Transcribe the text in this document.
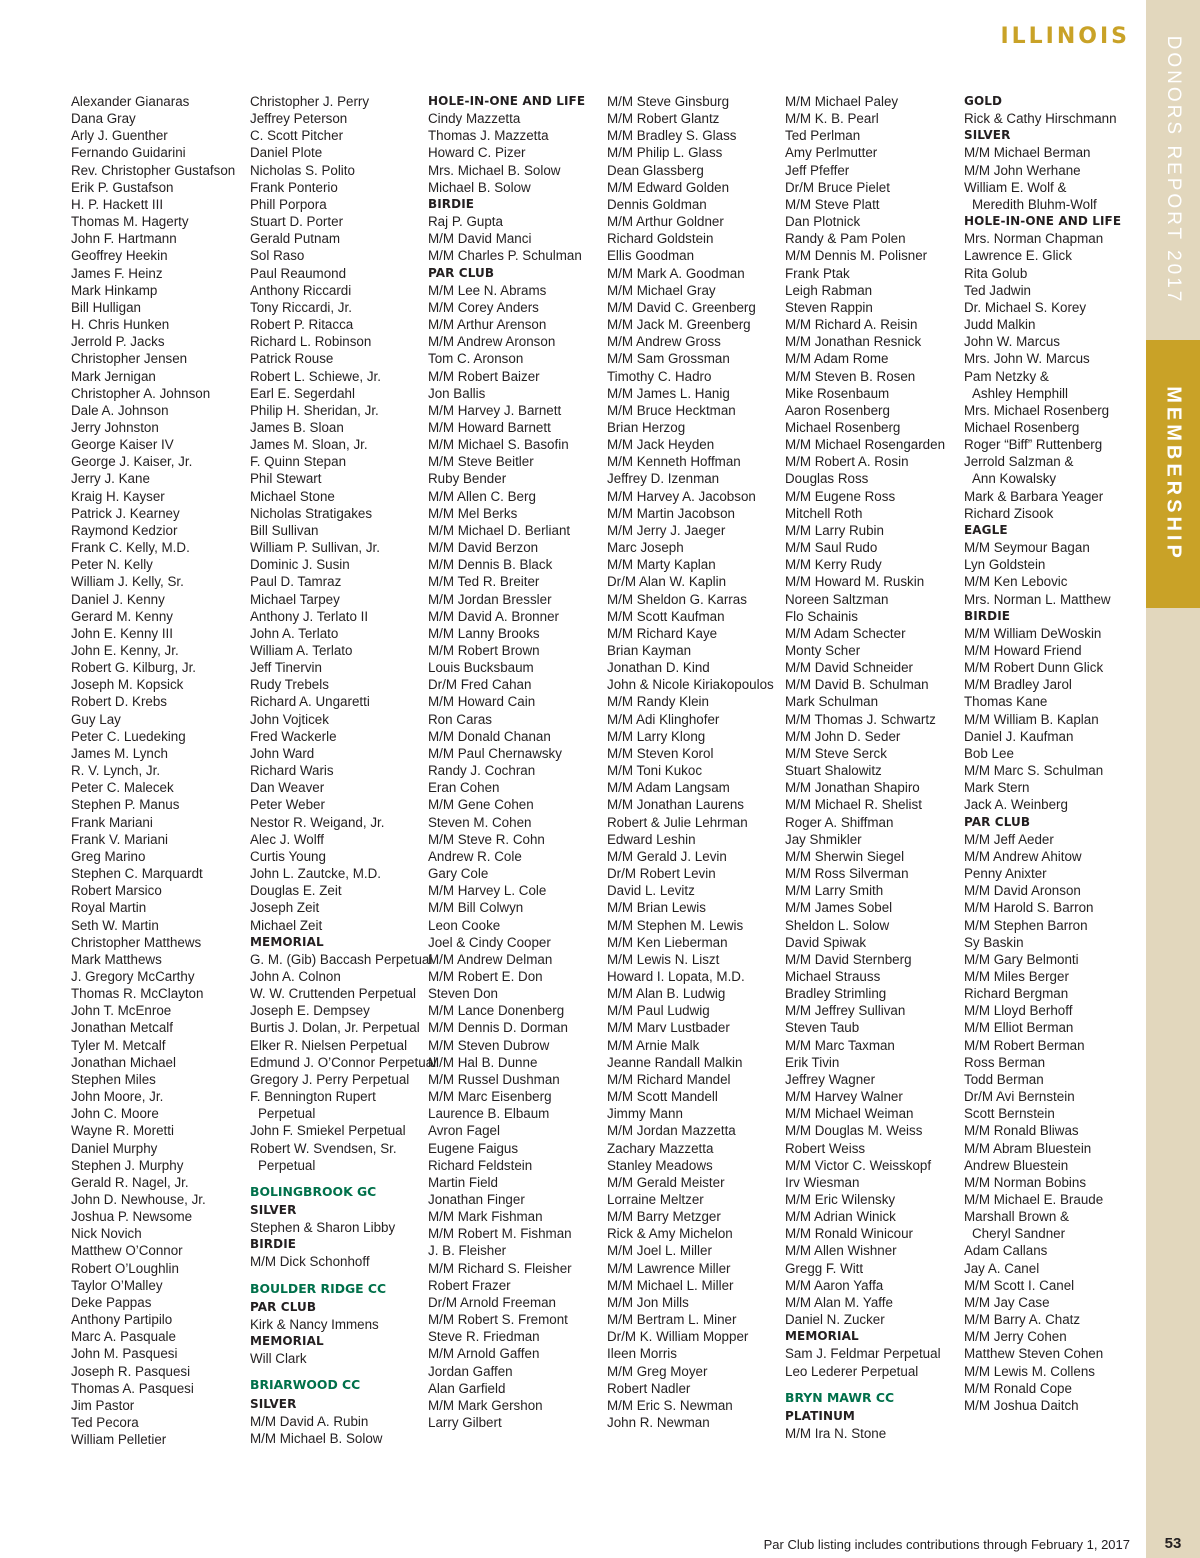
ILLINOIS DONORS REPORT 2017
MEMBERSHIP
Alexander Gianaras
Dana Gray
Arly J. Guenther
Fernando Guidarini
Rev. Christopher Gustafson
Erik P. Gustafson
H. P. Hackett III
Thomas M. Hagerty
John F. Hartmann
Geoffrey Heekin
James F. Heinz
Mark Hinkamp
Bill Hulligan
H. Chris Hunken
Jerrold P. Jacks
Christopher Jensen
Mark Jernigan
Christopher A. Johnson
Dale A. Johnson
Jerry Johnston
George Kaiser IV
George J. Kaiser, Jr.
Jerry J. Kane
Kraig H. Kayser
Patrick J. Kearney
Raymond Kedzior
Frank C. Kelly, M.D.
Peter N. Kelly
William J. Kelly, Sr.
Daniel J. Kenny
Gerard M. Kenny
John E. Kenny III
John E. Kenny, Jr.
Robert G. Kilburg, Jr.
Joseph M. Kopsick
Robert D. Krebs
Guy Lay
Peter C. Luedeking
James M. Lynch
R. V. Lynch, Jr.
Peter C. Malecek
Stephen P. Manus
Frank Mariani
Frank V. Mariani
Greg Marino
Stephen C. Marquardt
Robert Marsico
Royal Martin
Seth W. Martin
Christopher Matthews
Mark Matthews
J. Gregory McCarthy
Thomas R. McClayton
John T. McEnroe
Jonathan Metcalf
Tyler M. Metcalf
Jonathan Michael
Stephen Miles
John Moore, Jr.
John C. Moore
Wayne R. Moretti
Daniel Murphy
Stephen J. Murphy
Gerald R. Nagel, Jr.
John D. Newhouse, Jr.
Joshua P. Newsome
Nick Novich
Matthew O’Connor
Robert O’Loughlin
Taylor O’Malley
Deke Pappas
Anthony Partipilo
Marc A. Pasquale
John M. Pasquesi
Joseph R. Pasquesi
Thomas A. Pasquesi
Jim Pastor
Ted Pecora
William Pelletier
Christopher J. Perry
Jeffrey Peterson
C. Scott Pitcher
Daniel Plote
Nicholas S. Polito
Frank Ponterio
Phill Porpora
Stuart D. Porter
Gerald Putnam
Sol Raso
Paul Reaumond
Anthony Riccardi
Tony Riccardi, Jr.
Robert P. Ritacca
Richard L. Robinson
Patrick Rouse
Robert L. Schiewe, Jr.
Earl E. Segerdahl
Philip H. Sheridan, Jr.
James B. Sloan
James M. Sloan, Jr.
F. Quinn Stepan
Phil Stewart
Michael Stone
Nicholas Stratigakes
Bill Sullivan
William P. Sullivan, Jr.
Dominic J. Susin
Paul D. Tamraz
Michael Tarpey
Anthony J. Terlato II
John A. Terlato
William A. Terlato
Jeff Tinervin
Rudy Trebels
Richard A. Ungaretti
John Vojticek
Fred Wackerle
John Ward
Richard Waris
Dan Weaver
Peter Weber
Nestor R. Weigand, Jr.
Alec J. Wolff
Curtis Young
John L. Zautcke, M.D.
Douglas E. Zeit
Joseph Zeit
Michael Zeit
MEMORIAL
G. M. (Gib) Baccash Perpetual
John A. Colnon
W. W. Cruttenden Perpetual
Joseph E. Dempsey
Burtis J. Dolan, Jr. Perpetual
Elker R. Nielsen Perpetual
Edmund J. O’Connor Perpetual
Gregory J. Perry Perpetual
F. Bennington Rupert
Perpetual
John F. Smiekel Perpetual
Robert W. Svendsen, Sr.
Perpetual
BOLINGBROOK GC
SILVER
Stephen & Sharon Libby
BIRDIE
M/M Dick Schonhoff
BOULDER RIDGE CC
PAR CLUB
Kirk & Nancy Immens
MEMORIAL
Will Clark
BRIARWOOD CC
SILVER
M/M David A. Rubin
M/M Michael B. Solow
HOLE-IN-ONE AND LIFE
Cindy Mazzetta
Thomas J. Mazzetta
Howard C. Pizer
Mrs. Michael B. Solow
Michael B. Solow
BIRDIE
Raj P. Gupta
M/M David Manci
M/M Charles P. Schulman
PAR CLUB
M/M Lee N. Abrams
M/M Corey Anders
M/M Arthur Arenson
M/M Andrew Aronson
Tom C. Aronson
M/M Robert Baizer
Jon Ballis
M/M Harvey J. Barnett
M/M Howard Barnett
M/M Michael S. Basofin
M/M Steve Beitler
Ruby Bender
M/M Allen C. Berg
M/M Mel Berks
M/M Michael D. Berliant
M/M David Berzon
M/M Dennis B. Black
M/M Ted R. Breiter
M/M Jordan Bressler
M/M David A. Bronner
M/M Lanny Brooks
M/M Robert Brown
Louis Bucksbaum
Dr/M Fred Cahan
M/M Howard Cain
Ron Caras
M/M Donald Chanan
M/M Paul Chernawsky
Randy J. Cochran
Eran Cohen
M/M Gene Cohen
Steven M. Cohen
M/M Steve R. Cohn
Andrew R. Cole
Gary Cole
M/M Harvey L. Cole
M/M Bill Colwyn
Leon Cooke
Joel & Cindy Cooper
M/M Andrew Delman
M/M Robert E. Don
Steven Don
M/M Lance Donenberg
M/M Dennis D. Dorman
M/M Steven Dubrow
M/M Hal B. Dunne
M/M Russel Dushman
M/M Marc Eisenberg
Laurence B. Elbaum
Avron Fagel
Eugene Faigus
Richard Feldstein
Martin Field
Jonathan Finger
M/M Mark Fishman
M/M Robert M. Fishman
J. B. Fleisher
M/M Richard S. Fleisher
Robert Frazer
Dr/M Arnold Freeman
M/M Robert S. Fremont
Steve R. Friedman
M/M Arnold Gaffen
Jordan Gaffen
Alan Garfield
M/M Mark Gershon
Larry Gilbert
M/M Steve Ginsburg
M/M Robert Glantz
M/M Bradley S. Glass
M/M Philip L. Glass
Dean Glassberg
M/M Edward Golden
Dennis Goldman
M/M Arthur Goldner
Richard Goldstein
Ellis Goodman
M/M Mark A. Goodman
M/M Michael Gray
M/M David C. Greenberg
M/M Jack M. Greenberg
M/M Andrew Gross
M/M Sam Grossman
Timothy C. Hadro
M/M James L. Hanig
M/M Bruce Hecktman
Brian Herzog
M/M Jack Heyden
M/M Kenneth Hoffman
Jeffrey D. Izenman
M/M Harvey A. Jacobson
M/M Martin Jacobson
M/M Jerry J. Jaeger
Marc Joseph
M/M Marty Kaplan
Dr/M Alan W. Kaplin
M/M Sheldon G. Karras
M/M Scott Kaufman
M/M Richard Kaye
Brian Kayman
Jonathan D. Kind
John & Nicole Kiriakopoulos
M/M Randy Klein
M/M Adi Klinghofer
M/M Larry Klong
M/M Steven Korol
M/M Toni Kukoc
M/M Adam Langsam
M/M Jonathan Laurens
Robert & Julie Lehrman
Edward Leshin
M/M Gerald J. Levin
Dr/M Robert Levin
David L. Levitz
M/M Brian Lewis
M/M Stephen M. Lewis
M/M Ken Lieberman
M/M Lewis N. Liszt
Howard I. Lopata, M.D.
M/M Alan B. Ludwig
M/M Paul Ludwig
M/M Marv Lustbader
M/M Arnie Malk
Jeanne Randall Malkin
M/M Richard Mandel
M/M Scott Mandell
Jimmy Mann
M/M Jordan Mazzetta
Zachary Mazzetta
Stanley Meadows
M/M Gerald Meister
Lorraine Meltzer
M/M Barry Metzger
Rick & Amy Michelon
M/M Joel L. Miller
M/M Lawrence Miller
M/M Michael L. Miller
M/M Jon Mills
M/M Bertram L. Miner
Dr/M K. William Mopper
Ileen Morris
M/M Greg Moyer
Robert Nadler
M/M Eric S. Newman
John R. Newman
M/M Michael Paley
M/M K. B. Pearl
Ted Perlman
Amy Perlmutter
Jeff Pfeffer
Dr/M Bruce Pielet
M/M Steve Platt
Dan Plotnick
Randy & Pam Polen
M/M Dennis M. Polisner
Frank Ptak
Leigh Rabman
Steven Rappin
M/M Richard A. Reisin
M/M Jonathan Resnick
M/M Adam Rome
M/M Steven B. Rosen
Mike Rosenbaum
Aaron Rosenberg
Michael Rosenberg
M/M Michael Rosengarden
M/M Robert A. Rosin
Douglas Ross
M/M Eugene Ross
Mitchell Roth
M/M Larry Rubin
M/M Saul Rudo
M/M Kerry Rudy
M/M Howard M. Ruskin
Noreen Saltzman
Flo Schainis
M/M Adam Schecter
Monty Scher
M/M David Schneider
M/M David B. Schulman
Mark Schulman
M/M Thomas J. Schwartz
M/M John D. Seder
M/M Steve Serck
Stuart Shalowitz
M/M Jonathan Shapiro
M/M Michael R. Shelist
Roger A. Shiffman
Jay Shmikler
M/M Sherwin Siegel
M/M Ross Silverman
M/M Larry Smith
M/M James Sobel
Sheldon L. Solow
David Spiwak
M/M David Sternberg
Michael Strauss
Bradley Strimling
M/M Jeffrey Sullivan
Steven Taub
M/M Marc Taxman
Erik Tivin
Jeffrey Wagner
M/M Harvey Walner
M/M Michael Weiman
M/M Douglas M. Weiss
Robert Weiss
M/M Victor C. Weisskopf
Irv Wiesman
M/M Eric Wilensky
M/M Adrian Winick
M/M Ronald Winicour
M/M Allen Wishner
Gregg F. Witt
M/M Aaron Yaffa
M/M Alan M. Yaffe
Daniel N. Zucker
MEMORIAL
Sam J. Feldmar Perpetual
Leo Lederer Perpetual
BRYN MAWR CC
PLATINUM
M/M Ira N. Stone
GOLD
Rick & Cathy Hirschmann
SILVER
M/M Michael Berman
M/M John Werhane
William E. Wolf &
Meredith Bluhm-Wolf
HOLE-IN-ONE AND LIFE
Mrs. Norman Chapman
Lawrence E. Glick
Rita Golub
Ted Jadwin
Dr. Michael S. Korey
Judd Malkin
John W. Marcus
Mrs. John W. Marcus
Pam Netzky &
Ashley Hemphill
Mrs. Michael Rosenberg
Michael Rosenberg
Roger “Biff” Ruttenberg
Jerrold Salzman &
Ann Kowalsky
Mark & Barbara Yeager
Richard Zisook
EAGLE
M/M Seymour Bagan
Lyn Goldstein
M/M Ken Lebovic
Mrs. Norman L. Matthew
BIRDIE
M/M William DeWoskin
M/M Howard Friend
M/M Robert Dunn Glick
M/M Bradley Jarol
Thomas Kane
M/M William B. Kaplan
Daniel J. Kaufman
Bob Lee
M/M Marc S. Schulman
Mark Stern
Jack A. Weinberg
PAR CLUB
M/M Jeff Aeder
M/M Andrew Ahitow
Penny Anixter
M/M David Aronson
M/M Harold S. Barron
M/M Stephen Barron
Sy Baskin
M/M Gary Belmonti
M/M Miles Berger
Richard Bergman
M/M Lloyd Berhoff
M/M Elliot Berman
M/M Robert Berman
Ross Berman
Todd Berman
Dr/M Avi Bernstein
Scott Bernstein
M/M Ronald Bliwas
M/M Abram Bluestein
Andrew Bluestein
M/M Norman Bobins
M/M Michael E. Braude
Marshall Brown &
Cheryl Sandner
Adam Callans
Jay A. Canel
M/M Scott I. Canel
M/M Jay Case
M/M Barry A. Chatz
M/M Jerry Cohen
Matthew Steven Cohen
M/M Lewis M. Collens
M/M Ronald Cope
M/M Joshua Daitch
Par Club listing includes contributions through February 1, 2017	53
